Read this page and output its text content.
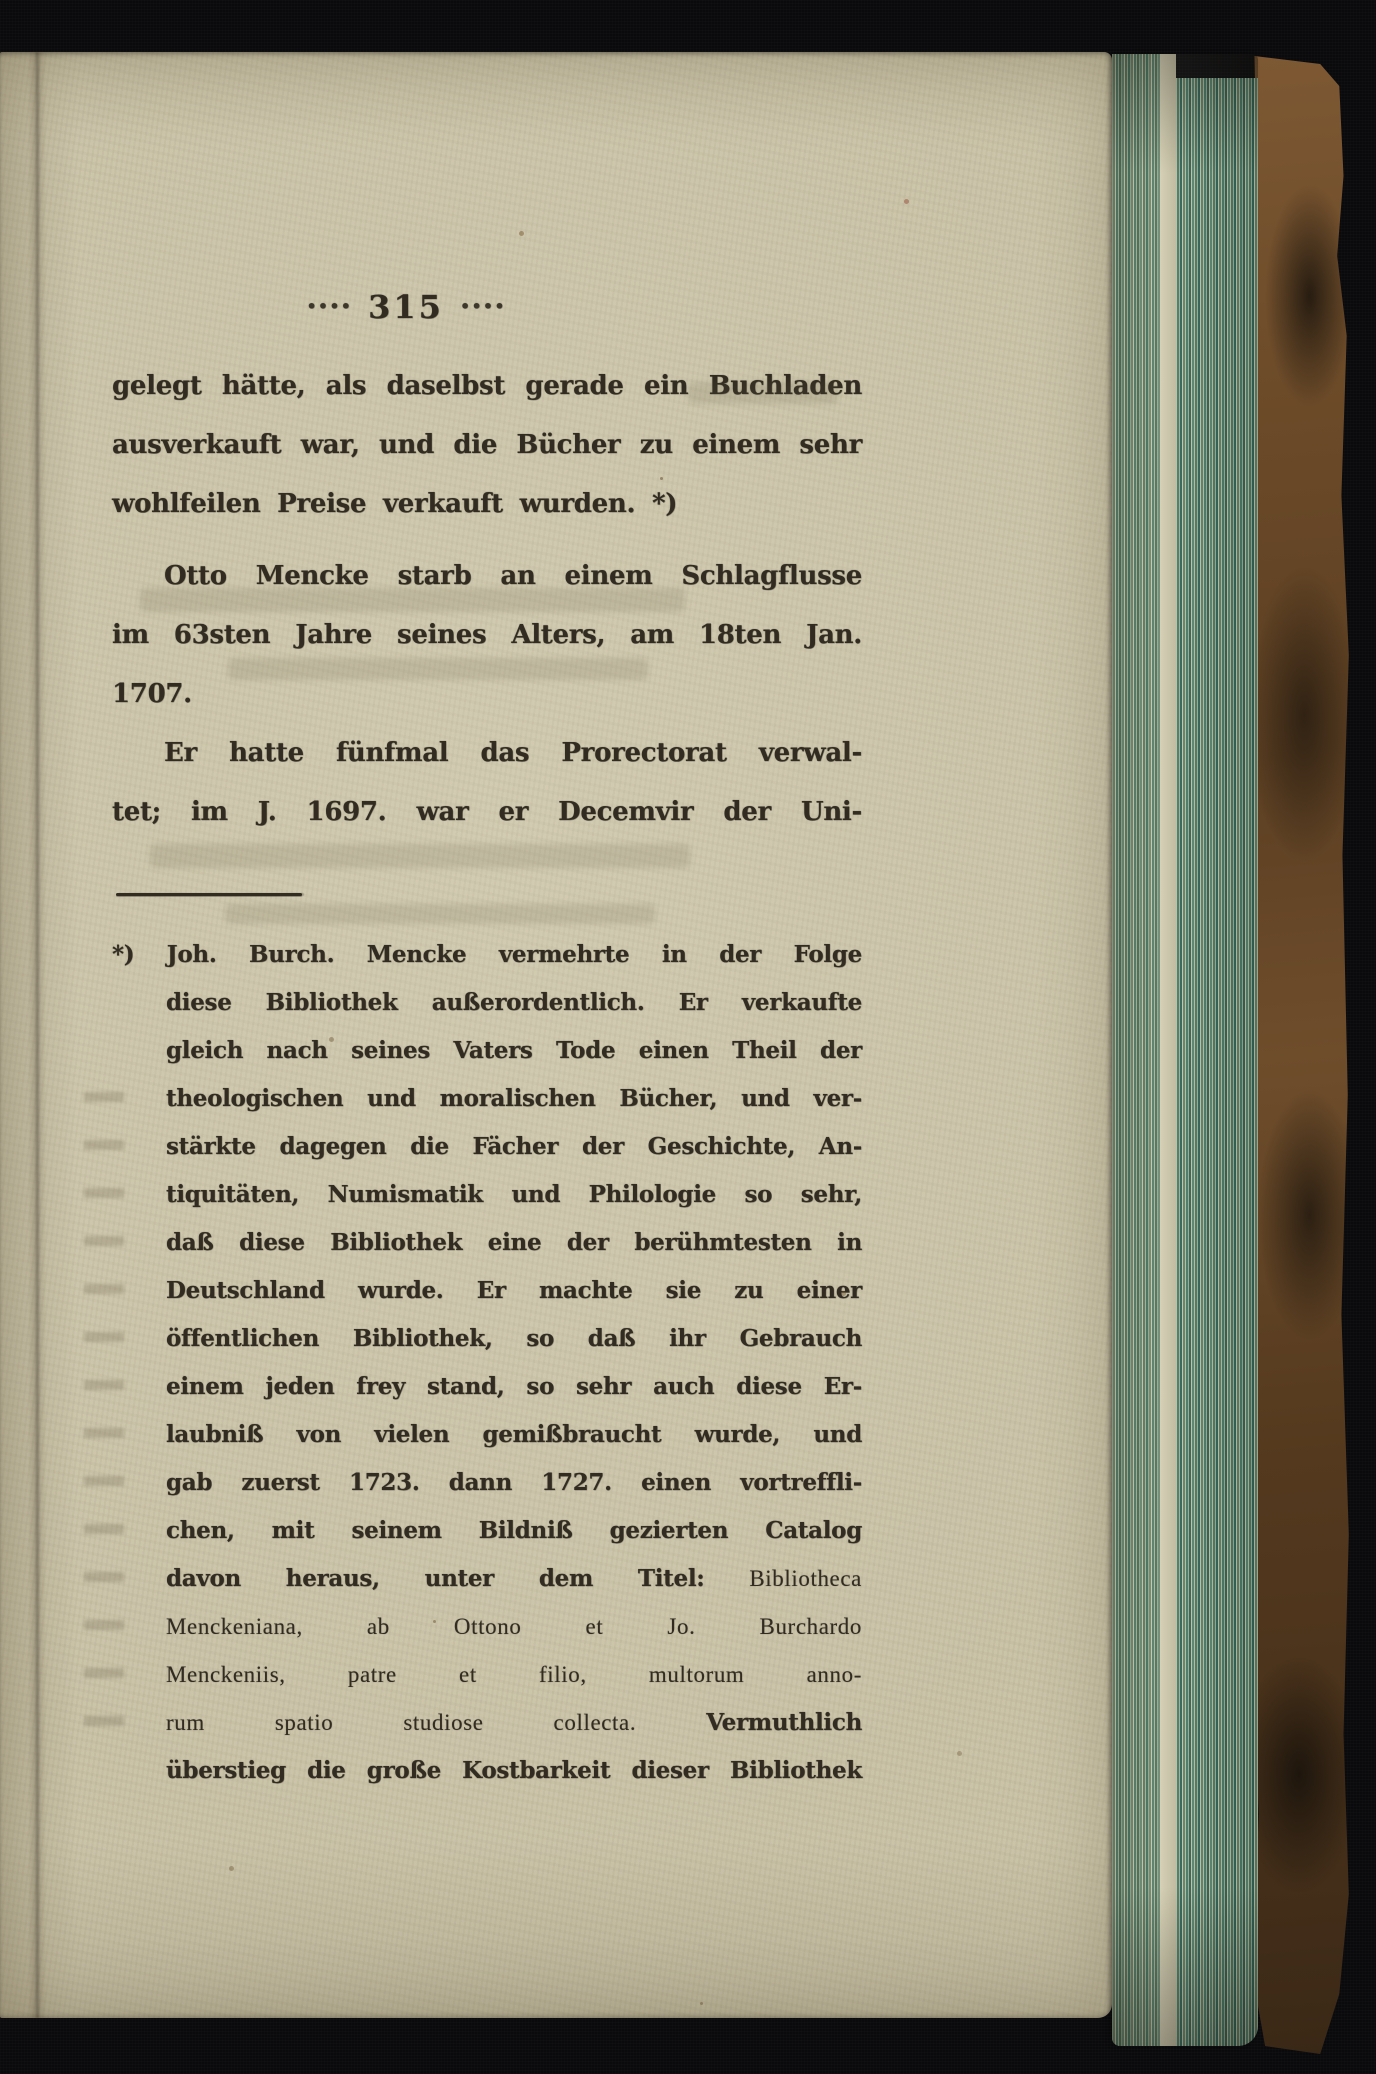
···· 315 ····
gelegt hätte, als daselbst gerade ein Buchladen
ausverkauft war, und die Bücher zu einem sehr
wohlfeilen Preise verkauft wurden. *)
Otto Mencke starb an einem Schlagflusse
im 63sten Jahre seines Alters, am 18ten Jan.
1707.
Er hatte fünfmal das Prorectorat verwal-
tet; im J. 1697. war er Decemvir der Uni-
*) Joh. Burch. Mencke vermehrte in der Folge
diese Bibliothek außerordentlich. Er verkaufte
gleich nach seines Vaters Tode einen Theil der
theologischen und moralischen Bücher, und ver-
stärkte dagegen die Fächer der Geschichte, An-
tiquitäten, Numismatik und Philologie so sehr,
daß diese Bibliothek eine der berühmtesten in
Deutschland wurde. Er machte sie zu einer
öffentlichen Bibliothek, so daß ihr Gebrauch
einem jeden frey stand, so sehr auch diese Er-
laubniß von vielen gemißbraucht wurde, und
gab zuerst 1723. dann 1727. einen vortreffli-
chen, mit seinem Bildniß gezierten Catalog
davon heraus, unter dem Titel: Bibliotheca
Menckeniana, ab Ottono et Jo. Burchardo
Menckeniis, patre et filio, multorum anno-
rum spatio studiose collecta. Vermuthlich
überstieg die große Kostbarkeit dieser Bibliothek
